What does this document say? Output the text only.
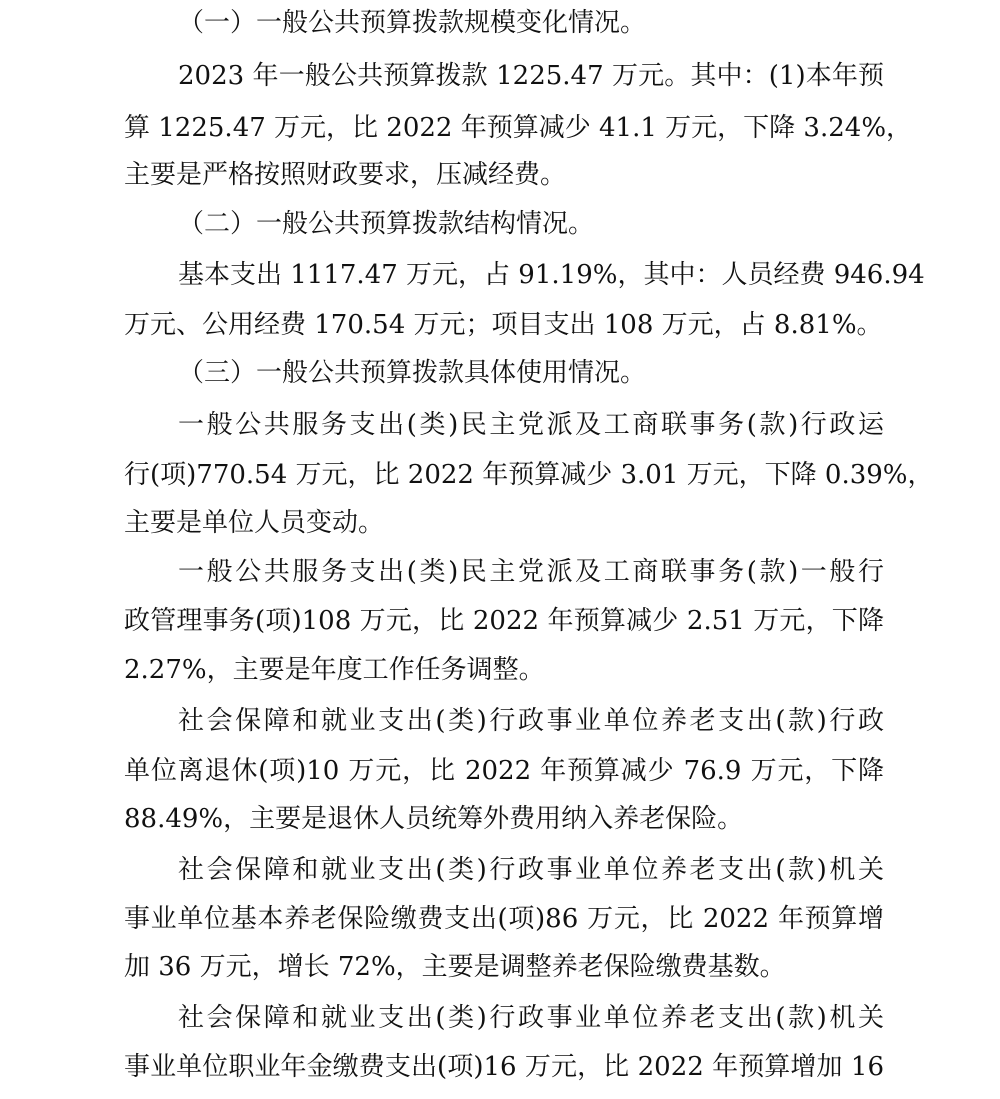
（一）一般公共预算拨款规模变化情况。
2023 年一般公共预算拨款 1225.47 万元。其中：(1)本年预
算 1225.47 万元，比 2022 年预算减少 41.1 万元，下降 3.24%，
主要是严格按照财政要求，压减经费。
（二）一般公共预算拨款结构情况。
基本支出 1117.47 万元，占 91.19%，其中：人员经费 946.94
万元、公用经费 170.54 万元；项目支出 108 万元，占 8.81%。
（三）一般公共预算拨款具体使用情况。
一般公共服务支出(类)民主党派及工商联事务(款)行政运
行(项)770.54 万元，比 2022 年预算减少 3.01 万元，下降 0.39%，
主要是单位人员变动。
一般公共服务支出(类)民主党派及工商联事务(款)一般行
政管理事务(项)108 万元，比 2022 年预算减少 2.51 万元，下降
2.27%，主要是年度工作任务调整。
社会保障和就业支出(类)行政事业单位养老支出(款)行政
单位离退休(项)10 万元，比 2022 年预算减少 76.9 万元，下降
88.49%，主要是退休人员统筹外费用纳入养老保险。
社会保障和就业支出(类)行政事业单位养老支出(款)机关
事业单位基本养老保险缴费支出(项)86 万元，比 2022 年预算增
加 36 万元，增长 72%，主要是调整养老保险缴费基数。
社会保障和就业支出(类)行政事业单位养老支出(款)机关
事业单位职业年金缴费支出(项)16 万元，比 2022 年预算增加 16
